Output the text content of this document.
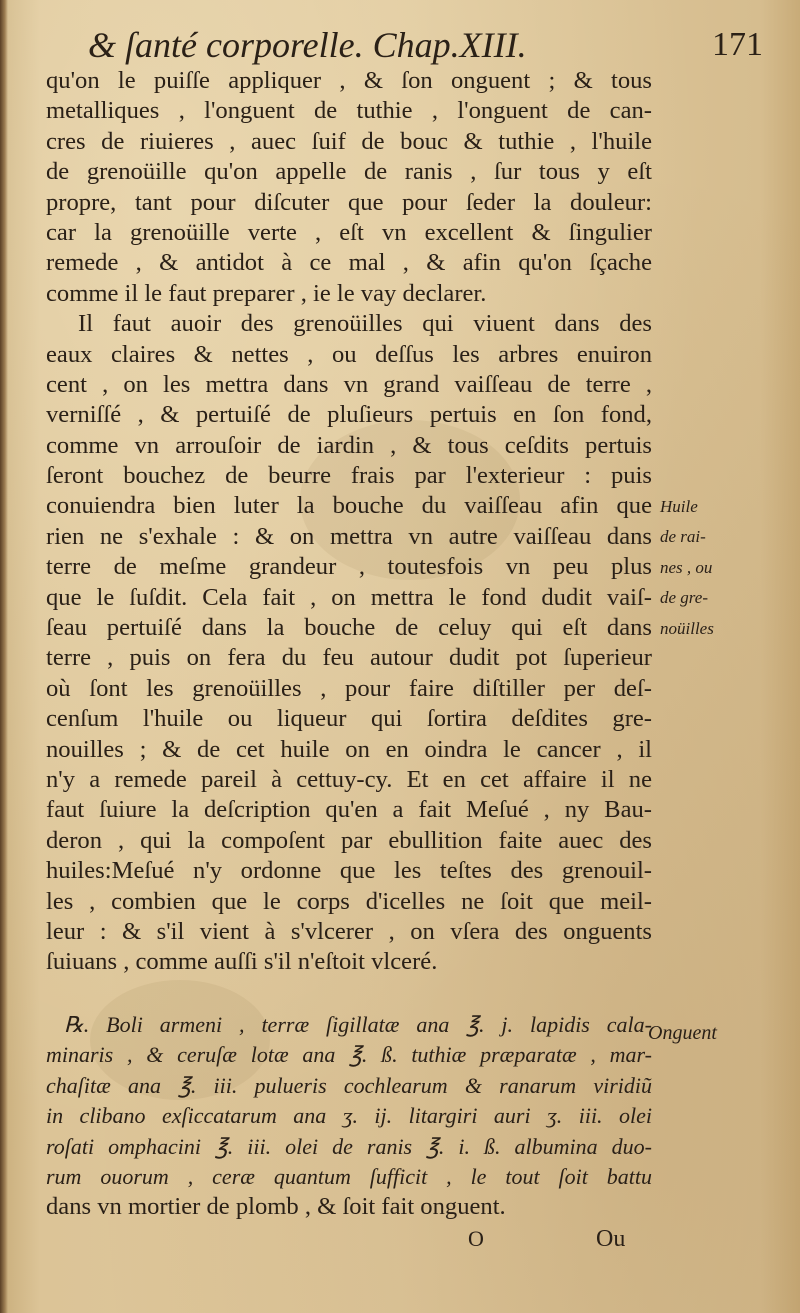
& ſanté corporelle. Chap.XIII.	171
qu'on le puiſſe appliquer , & ſon onguent ; & tous
metalliques , l'onguent de tuthie , l'onguent de can-
cres de riuieres , auec ſuif de bouc & tuthie , l'huile
de grenoüille qu'on appelle de ranis , ſur tous y eſt
propre, tant pour diſcuter que pour ſeder la douleur:
car la grenoüille verte , eſt vn excellent & ſingulier
remede , & antidot à ce mal , & afin qu'on ſçache
comme il le faut preparer , ie le vay declarer.
Il faut auoir des grenoüilles qui viuent dans des
eaux claires & nettes , ou deſſus les arbres enuiron
cent , on les mettra dans vn grand vaiſſeau de terre ,
verniſſé , & pertuiſé de pluſieurs pertuis en ſon fond,
comme vn arrouſoir de iardin , & tous ceſdits pertuis
ſeront bouchez de beurre frais par l'exterieur : puis
conuiendra bien luter la bouche du vaiſſeau afin que
rien ne s'exhale : & on mettra vn autre vaiſſeau dans
terre de meſme grandeur , toutesfois vn peu plus
que le ſuſdit. Cela fait , on mettra le fond dudit vaiſ-
ſeau pertuiſé dans la bouche de celuy qui eſt dans
terre , puis on fera du feu autour dudit pot ſuperieur
où ſont les grenoüilles , pour faire diſtiller per deſ-
cenſum l'huile ou liqueur qui ſortira deſdites gre-
nouilles ; & de cet huile on en oindra le cancer , il
n'y a remede pareil à cettuy-cy. Et en cet affaire il ne
faut ſuiure la deſcription qu'en a fait Meſué , ny Bau-
deron , qui la compoſent par ebullition faite auec des
huiles:Meſué n'y ordonne que les teſtes des grenouil-
les , combien que le corps d'icelles ne ſoit que meil-
leur : & s'il vient à s'vlcerer , on vſera des onguents
ſuiuans , comme auſſi s'il n'eſtoit vlceré.
℞. Boli armeni , terræ ſigillatæ ana ℥. j. lapidis cala-
minaris , & ceruſæ lotæ ana ℥. ß. tuthiæ præparatæ , mar-
chaſitæ ana ℥. iii. pulueris cochlearum & ranarum viridiũ
in clibano exſiccatarum ana ʒ. ij. litargiri auri ʒ. iii. olei
roſati omphacini ℥. iii. olei de ranis ℥. i. ß. albumina duo-
rum ouorum , ceræ quantum ſufficit , le tout ſoit battu
dans vn mortier de plomb , & ſoit fait onguent.
Huile
de rai-
nes , ou
de gre-
noüilles
Onguent
O	Ou
